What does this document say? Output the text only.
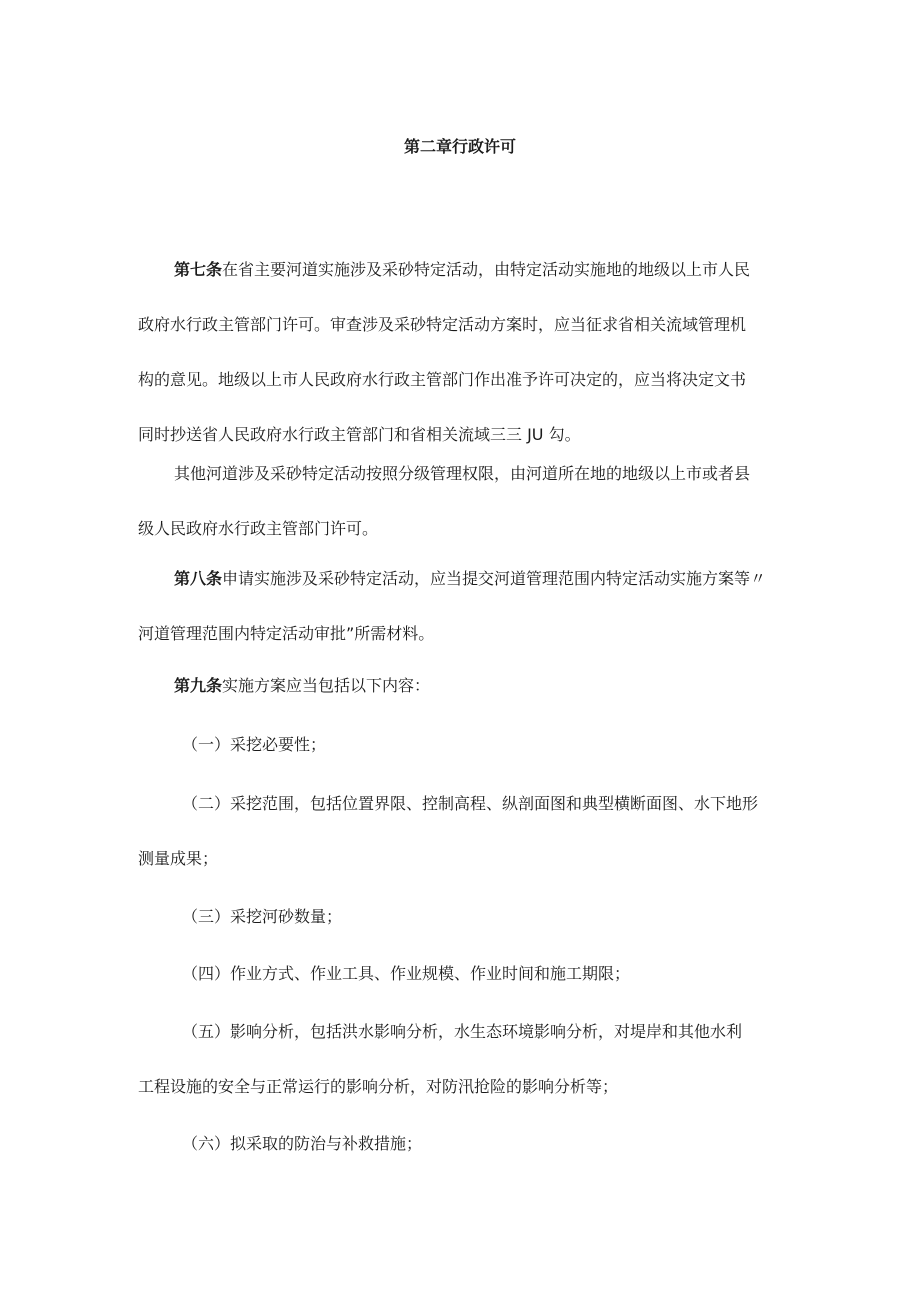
第二章行政许可
第七条在省主要河道实施涉及采砂特定活动，由特定活动实施地的地级以上市人民
政府水行政主管部门许可。审查涉及采砂特定活动方案时，应当征求省相关流域管理机
构的意见。地级以上市人民政府水行政主管部门作出准予许可决定的，应当将决定文书
同时抄送省人民政府水行政主管部门和省相关流域三三 JU 勾。
其他河道涉及采砂特定活动按照分级管理权限，由河道所在地的地级以上市或者县
级人民政府水行政主管部门许可。
第八条申请实施涉及采砂特定活动，应当提交河道管理范围内特定活动实施方案等〃
河道管理范围内特定活动审批”所需材料。
第九条实施方案应当包括以下内容：
（一）采挖必要性；
（二）采挖范围，包括位置界限、控制高程、纵剖面图和典型横断面图、水下地形
测量成果；
（三）采挖河砂数量；
（四）作业方式、作业工具、作业规模、作业时间和施工期限；
（五）影响分析，包括洪水影响分析，水生态环境影响分析，对堤岸和其他水利
工程设施的安全与正常运行的影响分析，对防汛抢险的影响分析等；
（六）拟采取的防治与补救措施；
